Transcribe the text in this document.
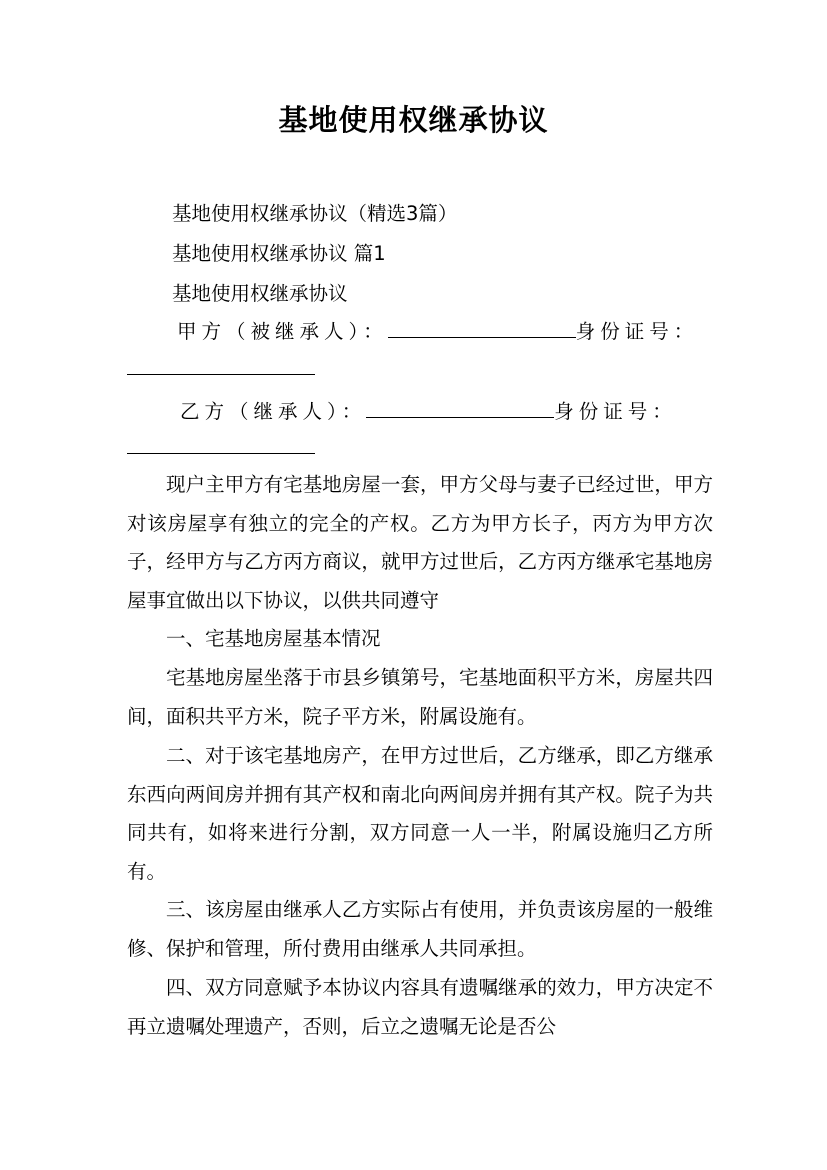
基地使用权继承协议
基地使用权继承协议（精选3篇）
基地使用权继承协议 篇1
基地使用权继承协议
甲方（被继承人）：	身份证号：
乙方（继承人）：	身份证号：
现户主甲方有宅基地房屋一套，甲方父母与妻子已经过世，甲方对该房屋享有独立的完全的产权。乙方为甲方长子，丙方为甲方次子，经甲方与乙方丙方商议，就甲方过世后，乙方丙方继承宅基地房屋事宜做出以下协议，以供共同遵守
一、宅基地房屋基本情况
宅基地房屋坐落于市县乡镇第号，宅基地面积平方米，房屋共四间，面积共平方米，院子平方米，附属设施有。
二、对于该宅基地房产，在甲方过世后，乙方继承，即乙方继承东西向两间房并拥有其产权和南北向两间房并拥有其产权。院子为共同共有，如将来进行分割，双方同意一人一半，附属设施归乙方所有。
三、该房屋由继承人乙方实际占有使用，并负责该房屋的一般维修、保护和管理，所付费用由继承人共同承担。
四、双方同意赋予本协议内容具有遗嘱继承的效力，甲方决定不再立遗嘱处理遗产，否则，后立之遗嘱无论是否公
